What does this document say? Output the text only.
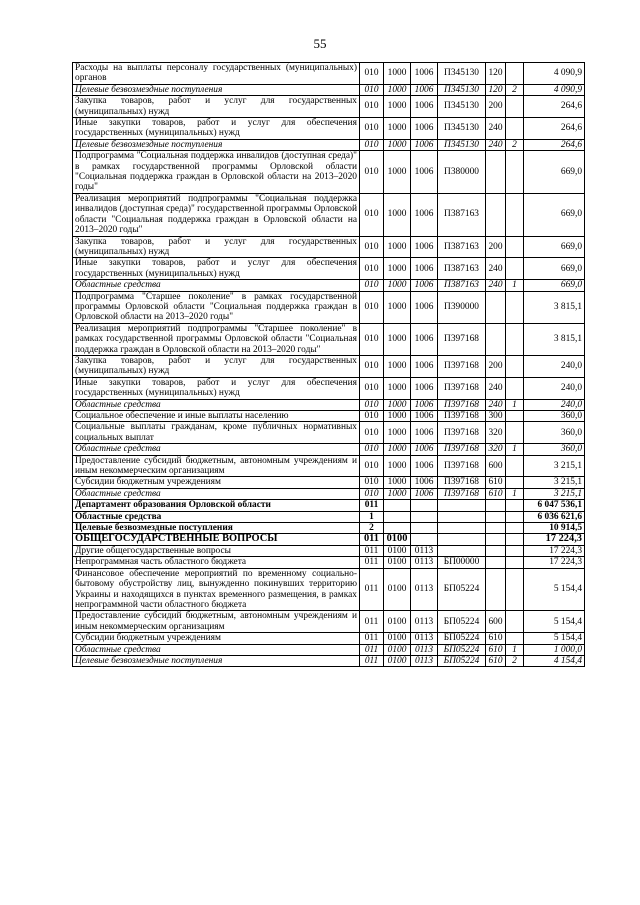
55
Расходы на выплаты персоналу государственных (муниципальных) органов	010	1000	1006	П345130	120		4 090,9
Целевые безвозмездные поступления	010	1000	1006	П345130	120	2	4 090,9
Закупка товаров, работ и услуг для государственных (муниципальных) нужд	010	1000	1006	П345130	200		264,6
Иные закупки товаров, работ и услуг для обеспечения государственных (муниципальных) нужд	010	1000	1006	П345130	240		264,6
Целевые безвозмездные поступления	010	1000	1006	П345130	240	2	264,6
Подпрограмма "Социальная поддержка инвалидов (доступная среда)" в рамках государственной программы Орловской области "Социальная поддержка граждан в Орловской области на 2013–2020 годы"	010	1000	1006	П380000			669,0
Реализация мероприятий подпрограммы "Социальная поддержка инвалидов (доступная среда)" государственной программы Орловской области "Социальная поддержка граждан в Орловской области на 2013–2020 годы"	010	1000	1006	П387163			669,0
Закупка товаров, работ и услуг для государственных (муниципальных) нужд	010	1000	1006	П387163	200		669,0
Иные закупки товаров, работ и услуг для обеспечения государственных (муниципальных) нужд	010	1000	1006	П387163	240		669,0
Областные средства	010	1000	1006	П387163	240	1	669,0
Подпрограмма "Старшее поколение" в рамках государственной программы Орловской области "Социальная поддержка граждан в Орловской области на 2013–2020 годы"	010	1000	1006	П390000			3 815,1
Реализация мероприятий подпрограммы "Старшее поколение" в рамках государственной программы Орловской области "Социальная поддержка граждан в Орловской области на 2013–2020 годы"	010	1000	1006	П397168			3 815,1
Закупка товаров, работ и услуг для государственных (муниципальных) нужд	010	1000	1006	П397168	200		240,0
Иные закупки товаров, работ и услуг для обеспечения государственных (муниципальных) нужд	010	1000	1006	П397168	240		240,0
Областные средства	010	1000	1006	П397168	240	1	240,0
Социальное обеспечение и иные выплаты населению	010	1000	1006	П397168	300		360,0
Социальные выплаты гражданам, кроме публичных нормативных социальных выплат	010	1000	1006	П397168	320		360,0
Областные средства	010	1000	1006	П397168	320	1	360,0
Предоставление субсидий бюджетным, автономным учреждениям и иным некоммерческим организациям	010	1000	1006	П397168	600		3 215,1
Субсидии бюджетным учреждениям	010	1000	1006	П397168	610		3 215,1
Областные средства	010	1000	1006	П397168	610	1	3 215,1
Департамент образования Орловской области	011						6 047 536,1
Областные средства	1						6 036 621,6
Целевые безвозмездные поступления	2						10 914,5
ОБЩЕГОСУДАРСТВЕННЫЕ ВОПРОСЫ	011	0100					17 224,3
Другие общегосударственные вопросы	011	0100	0113				17 224,3
Непрограммная часть областного бюджета	011	0100	0113	БП00000			17 224,3
Финансовое обеспечение мероприятий по временному социально-бытовому обустройству лиц, вынужденно покинувших территорию Украины и находящихся в пунктах временного размещения, в рамках непрограммной части областного бюджета	011	0100	0113	БП05224			5 154,4
Предоставление субсидий бюджетным, автономным учреждениям и иным некоммерческим организациям	011	0100	0113	БП05224	600		5 154,4
Субсидии бюджетным учреждениям	011	0100	0113	БП05224	610		5 154,4
Областные средства	011	0100	0113	БП05224	610	1	1 000,0
Целевые безвозмездные поступления	011	0100	0113	БП05224	610	2	4 154,4
